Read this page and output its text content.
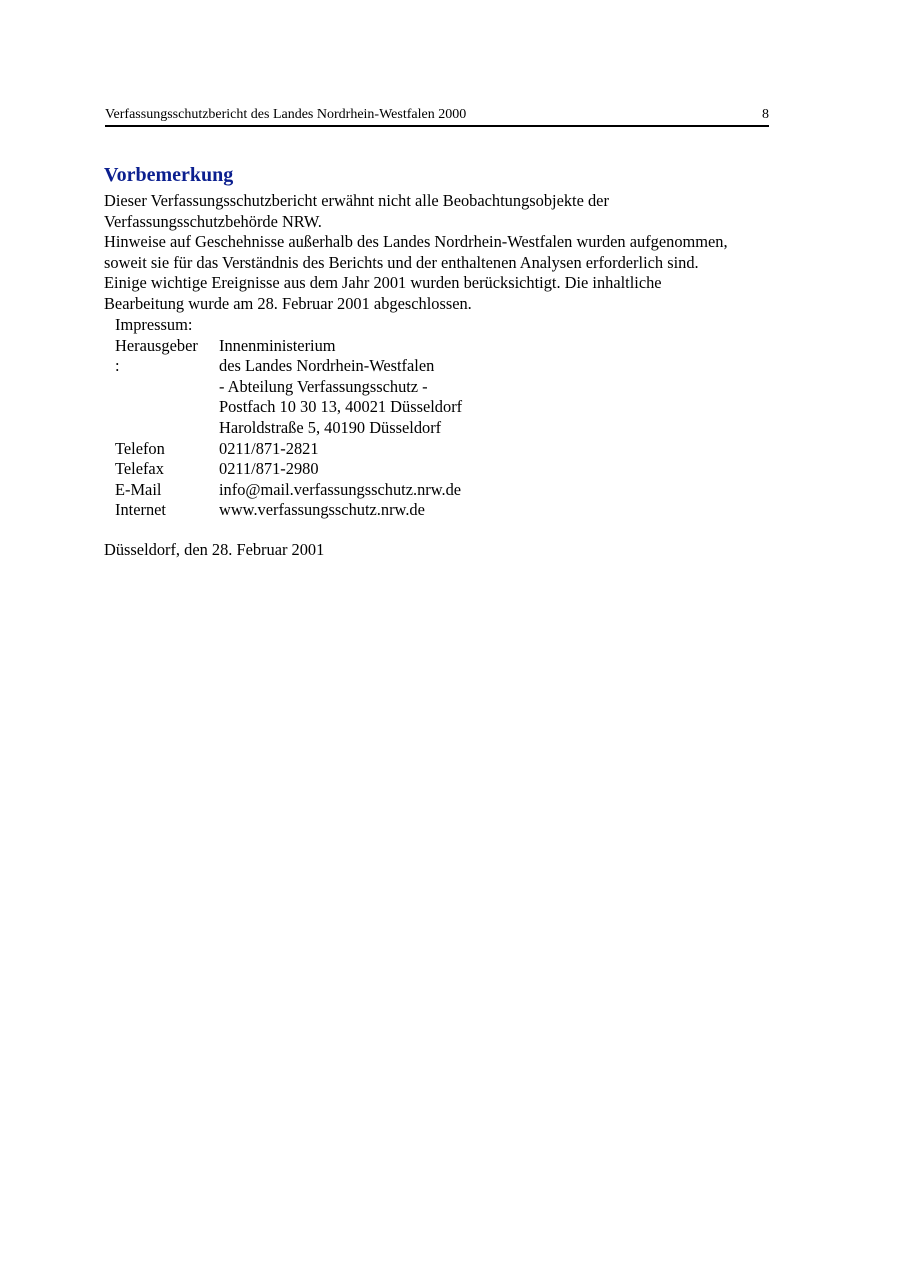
Verfassungsschutzbericht des Landes Nordrhein-Westfalen 2000	8
Vorbemerkung
Dieser Verfassungsschutzbericht erwähnt nicht alle Beobachtungsobjekte der
Verfassungsschutzbehörde NRW.
Hinweise auf Geschehnisse außerhalb des Landes Nordrhein-Westfalen wurden aufgenommen,
soweit sie für das Verständnis des Berichts und der enthaltenen Analysen erforderlich sind.
Einige wichtige Ereignisse aus dem Jahr 2001 wurden berücksichtigt. Die inhaltliche
Bearbeitung wurde am 28. Februar 2001 abgeschlossen.
Impressum:
Herausgeber	Innenministerium
:	des Landes Nordrhein-Westfalen
- Abteilung Verfassungsschutz -
Postfach 10 30 13, 40021 Düsseldorf
Haroldstraße 5, 40190 Düsseldorf
Telefon	0211/871-2821
Telefax	0211/871-2980
E-Mail	info@mail.verfassungsschutz.nrw.de
Internet	www.verfassungsschutz.nrw.de
Düsseldorf, den 28. Februar 2001
